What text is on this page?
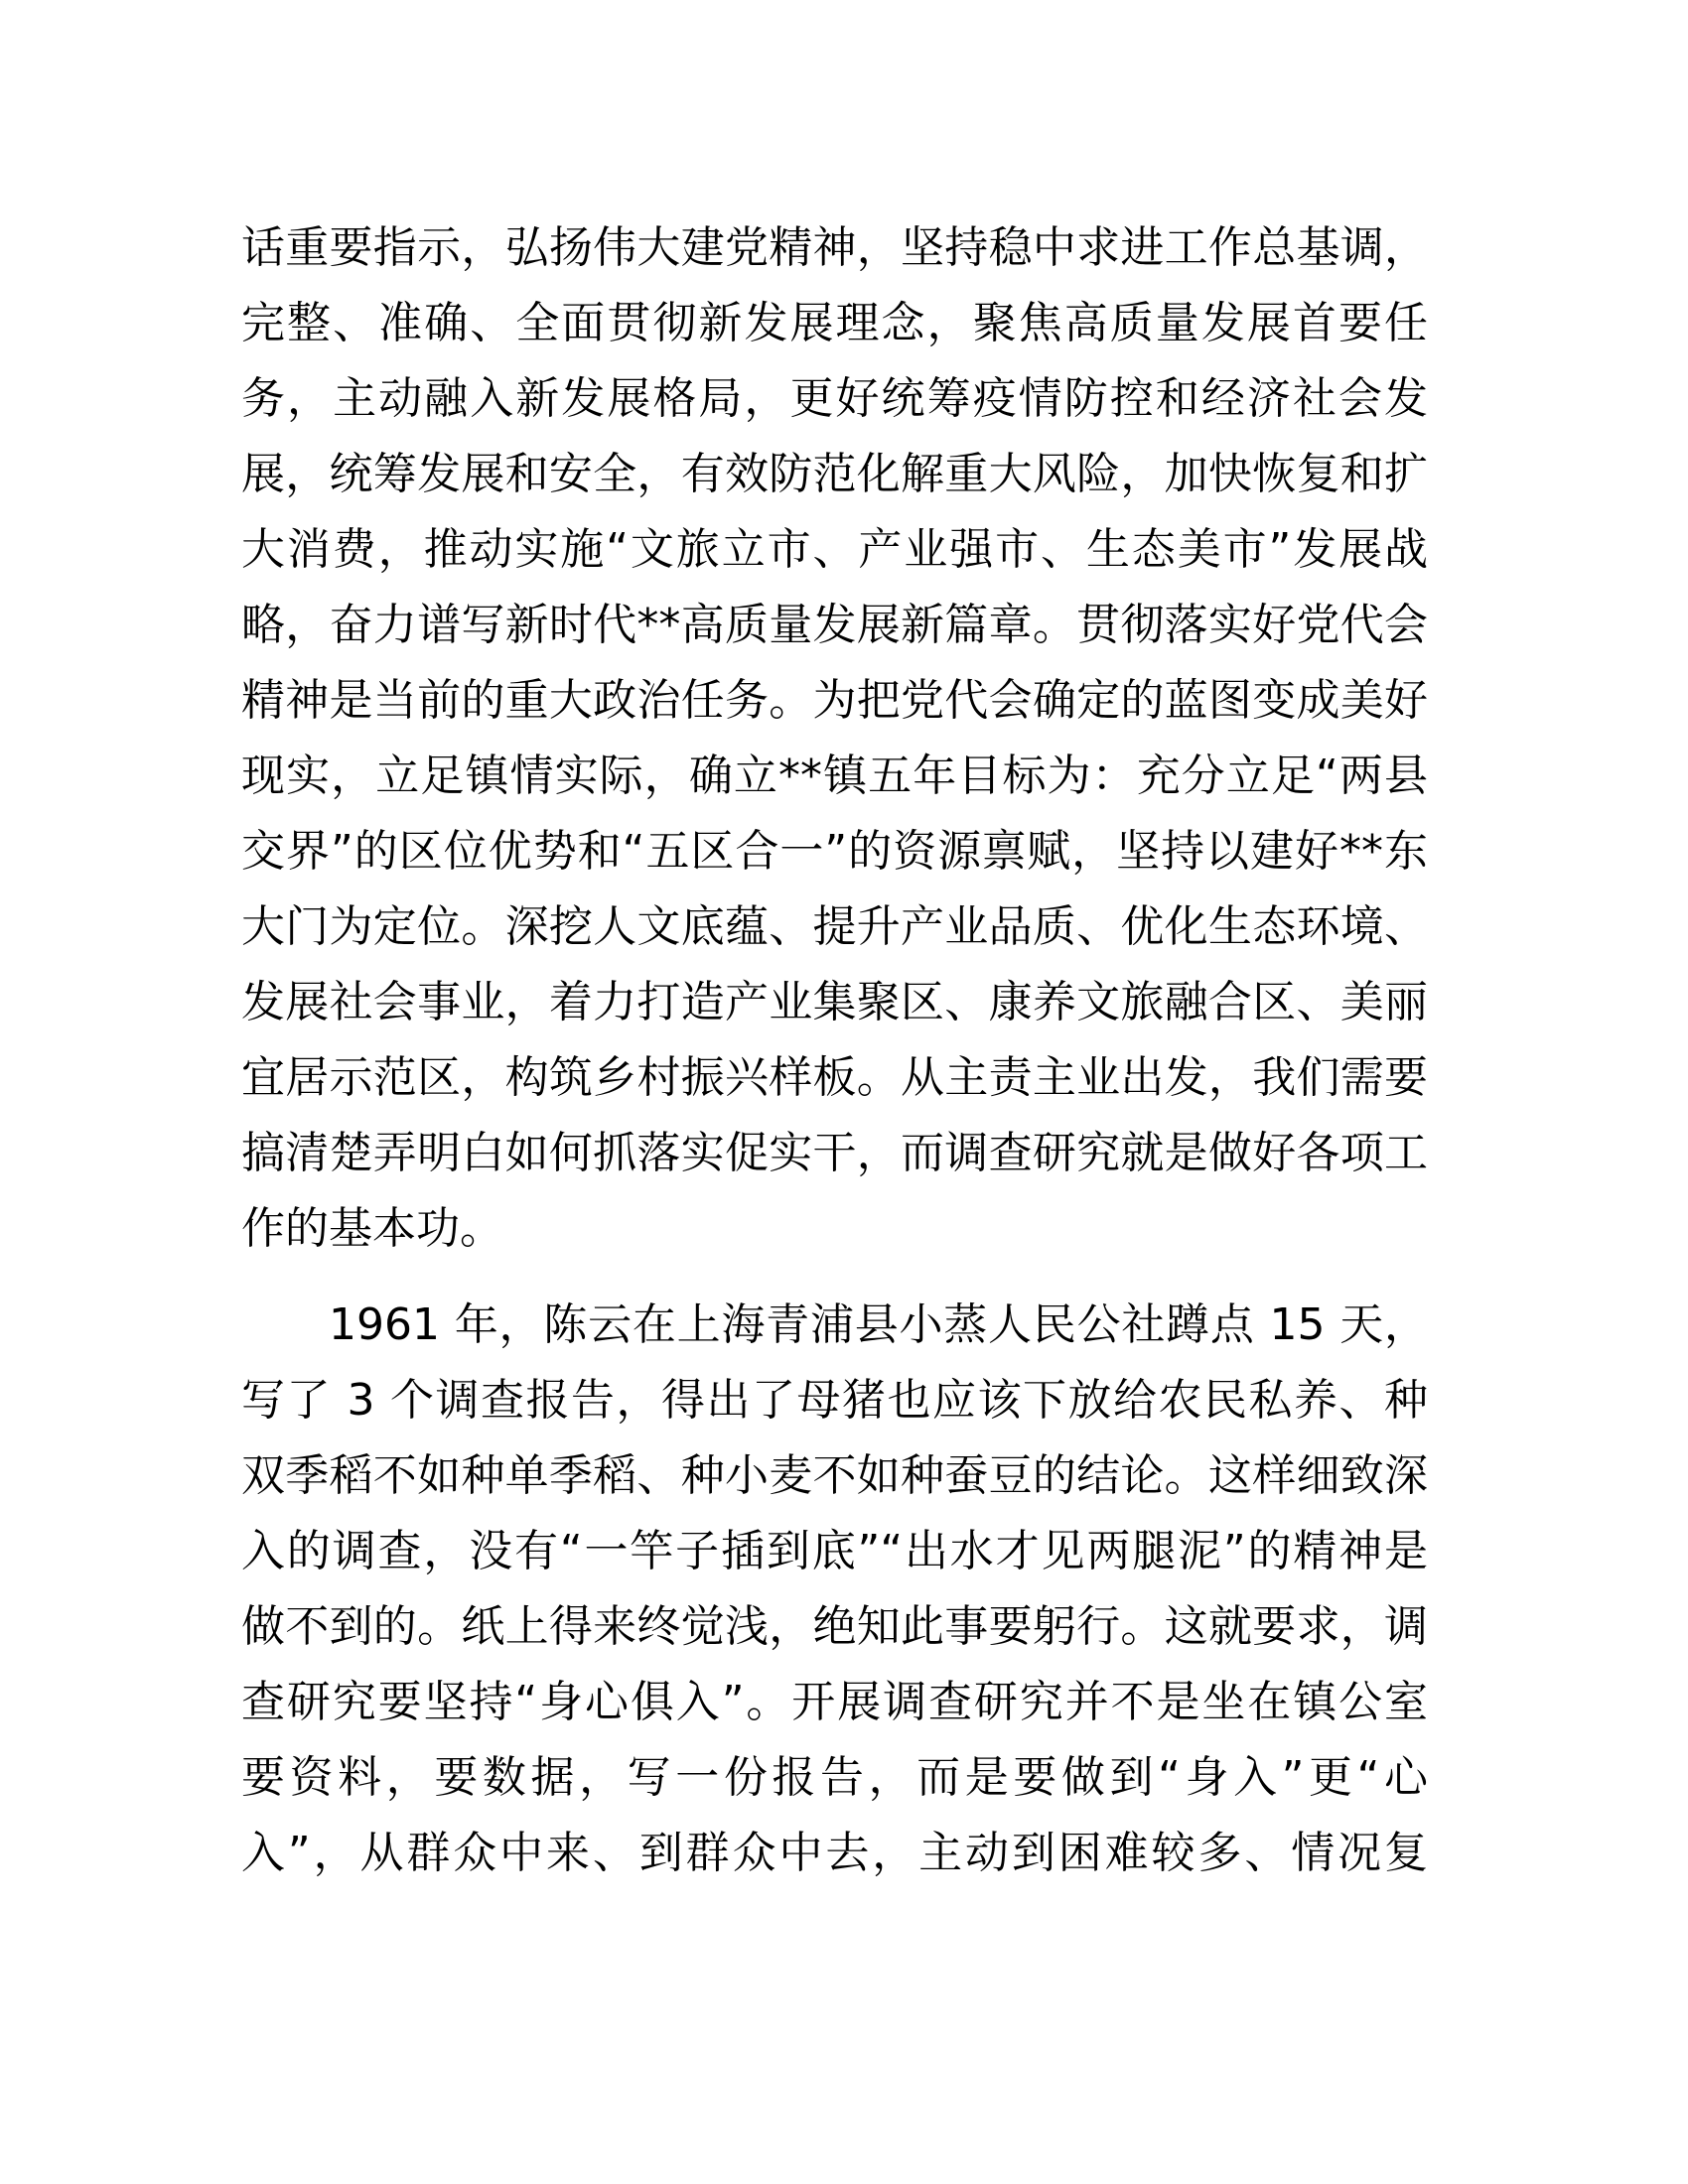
话重要指示，弘扬伟大建党精神，坚持稳中求进工作总基调，
完整、准确、全面贯彻新发展理念，聚焦高质量发展首要任
务，主动融入新发展格局，更好统筹疫情防控和经济社会发
展，统筹发展和安全，有效防范化解重大风险，加快恢复和扩
大消费，推动实施“文旅立市、产业强市、生态美市”发展战
略，奋力谱写新时代**高质量发展新篇章。贯彻落实好党代会
精神是当前的重大政治任务。为把党代会确定的蓝图变成美好
现实，立足镇情实际，确立**镇五年目标为：充分立足“两县
交界”的区位优势和“五区合一”的资源禀赋，坚持以建好**东
大门为定位。深挖人文底蕴、提升产业品质、优化生态环境、
发展社会事业，着力打造产业集聚区、康养文旅融合区、美丽
宜居示范区，构筑乡村振兴样板。从主责主业出发，我们需要
搞清楚弄明白如何抓落实促实干，而调查研究就是做好各项工
作的基本功。
1961 年，陈云在上海青浦县小蒸人民公社蹲点 15 天，
写了 3 个调查报告，得出了母猪也应该下放给农民私养、种
双季稻不如种单季稻、种小麦不如种蚕豆的结论。这样细致深
入的调查，没有“一竿子插到底”“出水才见两腿泥”的精神是
做不到的。纸上得来终觉浅，绝知此事要躬行。这就要求，调
查研究要坚持“身心俱入”。开展调查研究并不是坐在镇公室
要资料，要数据，写一份报告，而是要做到“身入”更“心
入”，从群众中来、到群众中去，主动到困难较多、情况复
